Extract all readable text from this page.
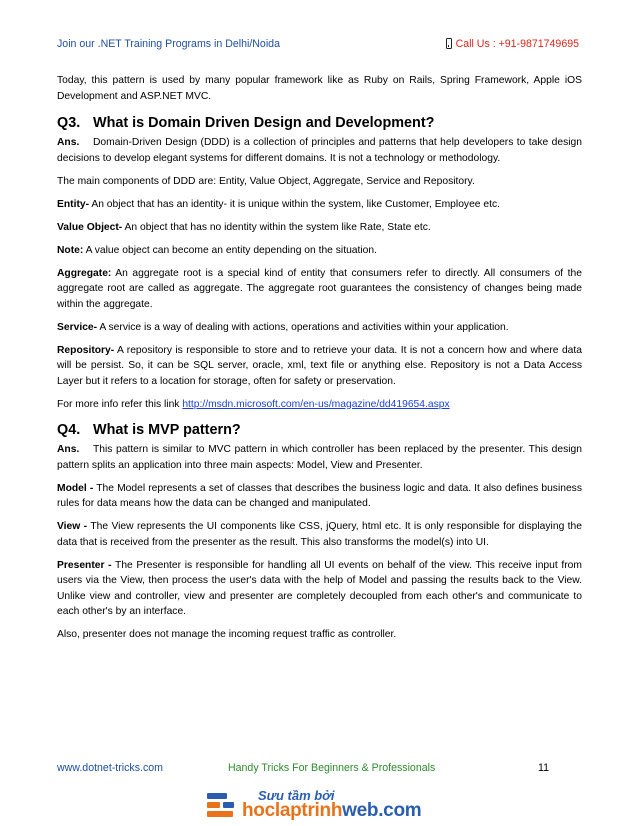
Join our .NET Training Programs in Delhi/Noida	Call Us : +91-9871749695

Today, this pattern is used by many popular framework like as Ruby on Rails, Spring Framework, Apple iOS Development and ASP.NET MVC.

Q3. What is Domain Driven Design and Development?

Ans. Domain-Driven Design (DDD) is a collection of principles and patterns that help developers to take design decisions to develop elegant systems for different domains. It is not a technology or methodology.

The main components of DDD are: Entity, Value Object, Aggregate, Service and Repository.

Entity- An object that has an identity- it is unique within the system, like Customer, Employee etc.

Value Object- An object that has no identity within the system like Rate, State etc.

Note: A value object can become an entity depending on the situation.

Aggregate: An aggregate root is a special kind of entity that consumers refer to directly. All consumers of the aggregate root are called as aggregate. The aggregate root guarantees the consistency of changes being made within the aggregate.

Service- A service is a way of dealing with actions, operations and activities within your application.

Repository- A repository is responsible to store and to retrieve your data. It is not a concern how and where data will be persist. So, it can be SQL server, oracle, xml, text file or anything else. Repository is not a Data Access Layer but it refers to a location for storage, often for safety or preservation.

For more info refer this link http://msdn.microsoft.com/en-us/magazine/dd419654.aspx

Q4. What is MVP pattern?

Ans. This pattern is similar to MVC pattern in which controller has been replaced by the presenter. This design pattern splits an application into three main aspects: Model, View and Presenter.

Model - The Model represents a set of classes that describes the business logic and data. It also defines business rules for data means how the data can be changed and manipulated.

View - The View represents the UI components like CSS, jQuery, html etc. It is only responsible for displaying the data that is received from the presenter as the result. This also transforms the model(s) into UI.

Presenter - The Presenter is responsible for handling all UI events on behalf of the view. This receive input from users via the View, then process the user's data with the help of Model and passing the results back to the View. Unlike view and controller, view and presenter are completely decoupled from each other's and communicate to each other's by an interface.

Also, presenter does not manage the incoming request traffic as controller.

www.dotnet-tricks.com	Handy Tricks For Beginners & Professionals	11
Sưu tầm bởi
hoclaptrinhweb.com
